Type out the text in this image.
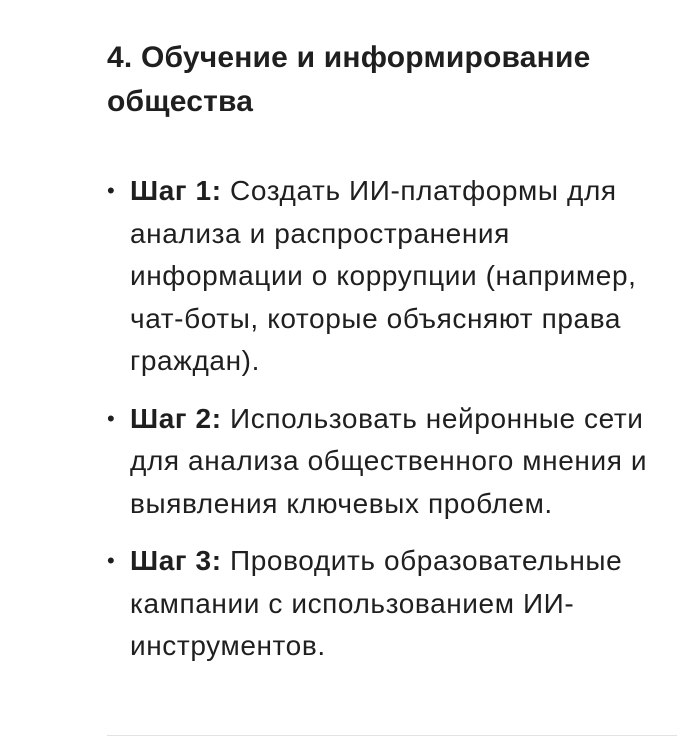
4. Обучение и информирование общества
• Шаг 1: Создать ИИ-платформы для анализа и распространения информации о коррупции (например, чат-боты, которые объясняют права граждан).
• Шаг 2: Использовать нейронные сети для анализа общественного мнения и выявления ключевых проблем.
• Шаг 3: Проводить образовательные кампании с использованием ИИ-инструментов.
